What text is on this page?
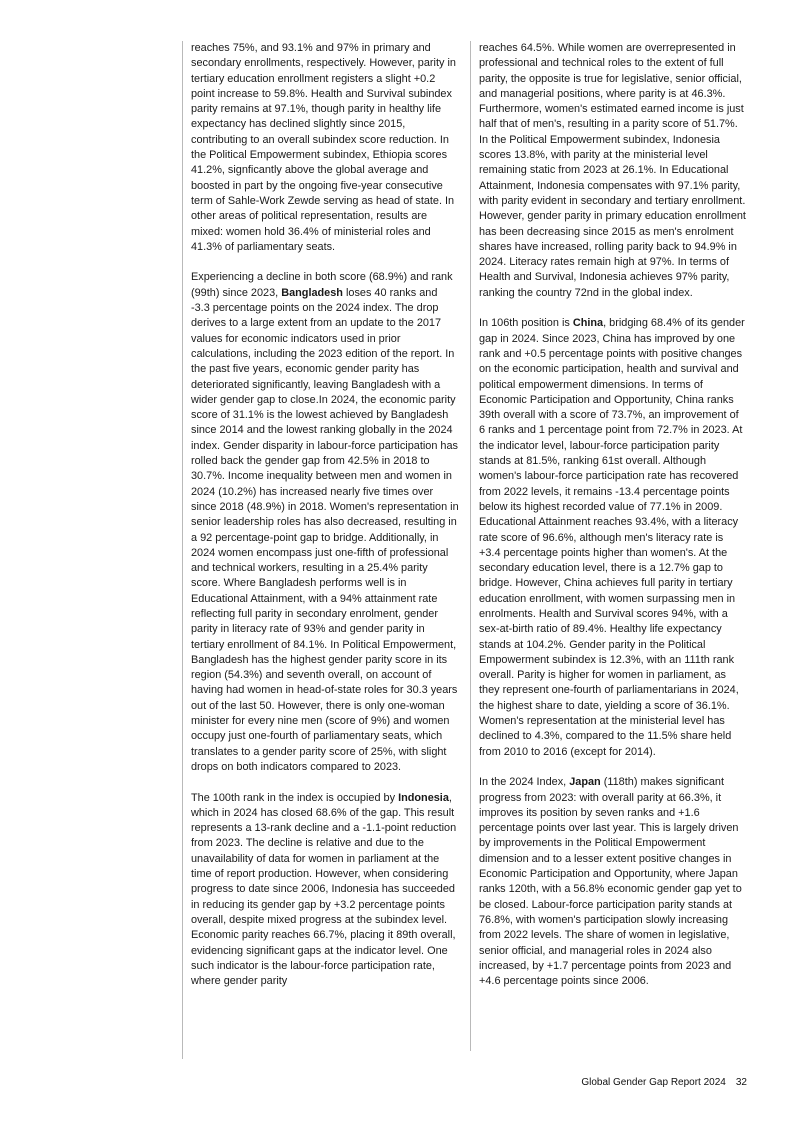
reaches 75%, and 93.1% and 97% in primary and secondary enrollments, respectively. However, parity in tertiary education enrollment registers a slight +0.2 point increase to 59.8%. Health and Survival subindex parity remains at 97.1%, though parity in healthy life expectancy has declined slightly since 2015, contributing to an overall subindex score reduction. In the Political Empowerment subindex, Ethiopia scores 41.2%, signficantly above the global average and boosted in part by the ongoing five-year consecutive term of Sahle-Work Zewde serving as head of state. In other areas of political representation, results are mixed: women hold 36.4% of ministerial roles and 41.3% of parliamentary seats.

Experiencing a decline in both score (68.9%) and rank (99th) since 2023, Bangladesh loses 40 ranks and -3.3 percentage points on the 2024 index. The drop derives to a large extent from an update to the 2017 values for economic indicators used in prior calculations, including the 2023 edition of the report. In the past five years, economic gender parity has deteriorated significantly, leaving Bangladesh with a wider gender gap to close.In 2024, the economic parity score of 31.1% is the lowest achieved by Bangladesh since 2014 and the lowest ranking globally in the 2024 index. Gender disparity in labour-force participation has rolled back the gender gap from 42.5% in 2018 to 30.7%. Income inequality between men and women in 2024 (10.2%) has increased nearly five times over since 2018 (48.9%) in 2018. Women's representation in senior leadership roles has also decreased, resulting in a 92 percentage-point gap to bridge. Additionally, in 2024 women encompass just one-fifth of professional and technical workers, resulting in a 25.4% parity score. Where Bangladesh performs well is in Educational Attainment, with a 94% attainment rate reflecting full parity in secondary enrolment, gender parity in literacy rate of 93% and gender parity in tertiary enrollment of 84.1%. In Political Empowerment, Bangladesh has the highest gender parity score in its region (54.3%) and seventh overall, on account of having had women in head-of-state roles for 30.3 years out of the last 50. However, there is only one-woman minister for every nine men (score of 9%) and women occupy just one-fourth of parliamentary seats, which translates to a gender parity score of 25%, with slight drops on both indicators compared to 2023.

The 100th rank in the index is occupied by Indonesia, which in 2024 has closed 68.6% of the gap. This result represents a 13-rank decline and a -1.1-point reduction from 2023. The decline is relative and due to the unavailability of data for women in parliament at the time of report production. However, when considering progress to date since 2006, Indonesia has succeeded in reducing its gender gap by +3.2 percentage points overall, despite mixed progress at the subindex level. Economic parity reaches 66.7%, placing it 89th overall, evidencing significant gaps at the indicator level. One such indicator is the labour-force participation rate, where gender parity

reaches 64.5%. While women are overrepresented in professional and technical roles to the extent of full parity, the opposite is true for legislative, senior official, and managerial positions, where parity is at 46.3%. Furthermore, women's estimated earned income is just half that of men's, resulting in a parity score of 51.7%. In the Political Empowerment subindex, Indonesia scores 13.8%, with parity at the ministerial level remaining static from 2023 at 26.1%. In Educational Attainment, Indonesia compensates with 97.1% parity, with parity evident in secondary and tertiary enrollment. However, gender parity in primary education enrollment has been decreasing since 2015 as men's enrolment shares have increased, rolling parity back to 94.9% in 2024. Literacy rates remain high at 97%. In terms of Health and Survival, Indonesia achieves 97% parity, ranking the country 72nd in the global index.

In 106th position is China, bridging 68.4% of its gender gap in 2024. Since 2023, China has improved by one rank and +0.5 percentage points with positive changes on the economic participation, health and survival and political empowerment dimensions. In terms of Economic Participation and Opportunity, China ranks 39th overall with a score of 73.7%, an improvement of 6 ranks and 1 percentage point from 72.7% in 2023. At the indicator level, labour-force participation parity stands at 81.5%, ranking 61st overall. Although women's labour-force participation rate has recovered from 2022 levels, it remains -13.4 percentage points below its highest recorded value of 77.1% in 2009. Educational Attainment reaches 93.4%, with a literacy rate score of 96.6%, although men's literacy rate is +3.4 percentage points higher than women's. At the secondary education level, there is a 12.7% gap to bridge. However, China achieves full parity in tertiary education enrollment, with women surpassing men in enrolments. Health and Survival scores 94%, with a sex-at-birth ratio of 89.4%. Healthy life expectancy stands at 104.2%. Gender parity in the Political Empowerment subindex is 12.3%, with an 111th rank overall. Parity is higher for women in parliament, as they represent one-fourth of parliamentarians in 2024, the highest share to date, yielding a score of 36.1%. Women's representation at the ministerial level has declined to 4.3%, compared to the 11.5% share held from 2010 to 2016 (except for 2014).

In the 2024 Index, Japan (118th) makes significant progress from 2023: with overall parity at 66.3%, it improves its position by seven ranks and +1.6 percentage points over last year. This is largely driven by improvements in the Political Empowerment dimension and to a lesser extent positive changes in Economic Participation and Opportunity, where Japan ranks 120th, with a 56.8% economic gender gap yet to be closed. Labour-force participation parity stands at 76.8%, with women's participation slowly increasing from 2022 levels. The share of women in legislative, senior official, and managerial roles in 2024 also increased, by +1.7 percentage points from 2023 and +4.6 percentage points since 2006.

Global Gender Gap Report 2024 32
